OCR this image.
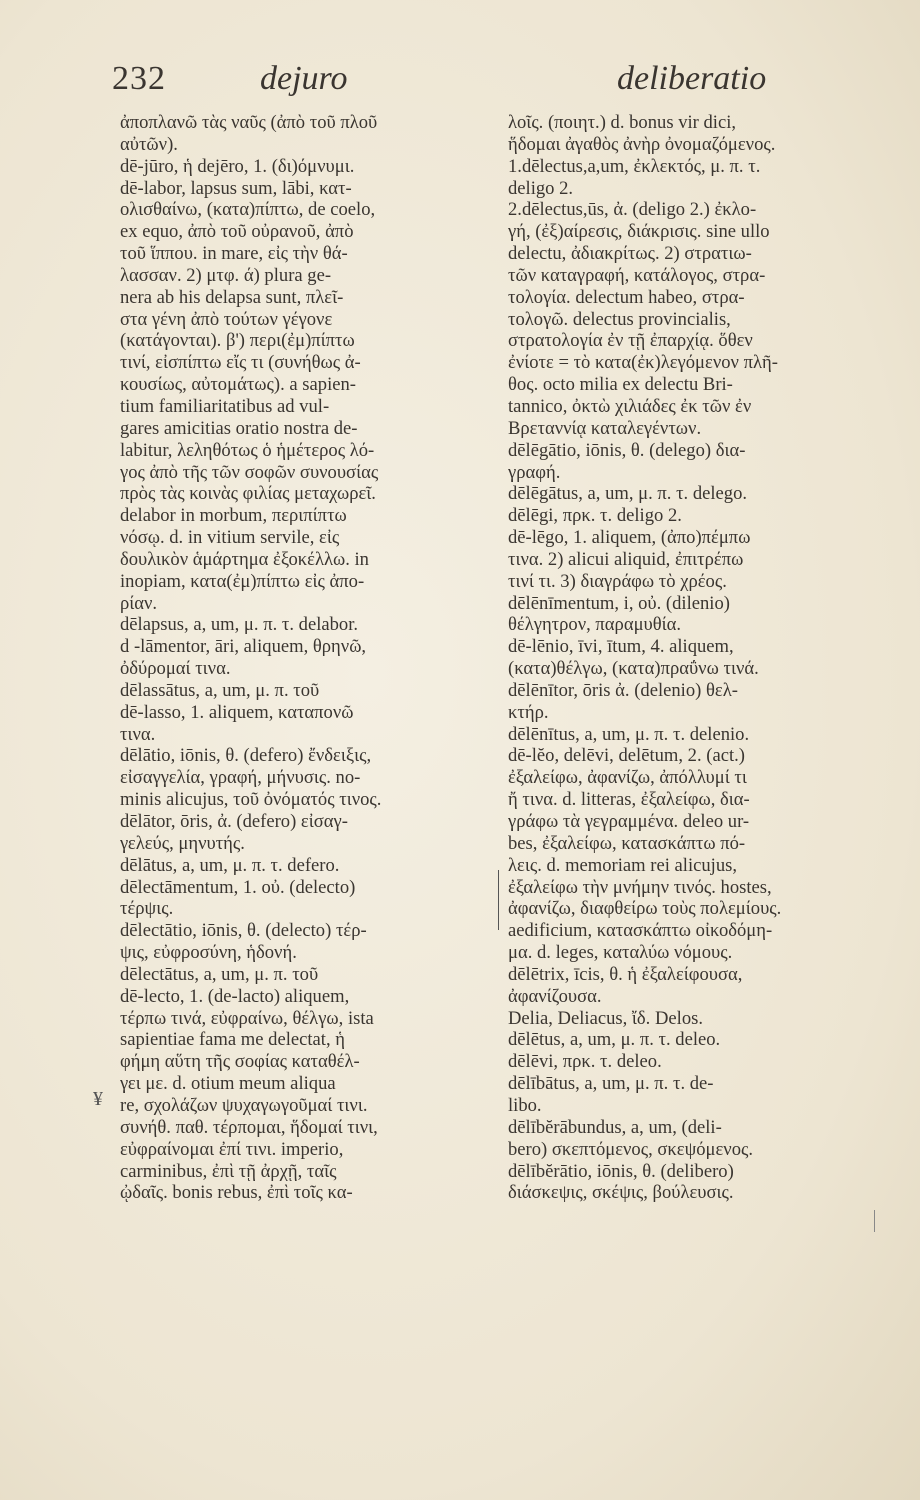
232	dejuro	deliberatio
ἀποπλανῶ τὰς ναῦς (ἀπὸ τοῦ πλοῦ
αὐτῶν).
dē-jūro, ἡ dejēro, 1. (δι)όμνυμι.
dē-labor, lapsus sum, lābi, κατ-
ολισθαίνω, (κατα)πίπτω, de coelo,
ex equo, ἀπὸ τοῦ οὐρανοῦ, ἀπὸ
τοῦ ἵππου. in mare, εἰς τὴν θά-
λασσαν. 2) μτφ. ά) plura ge-
nera ab his delapsa sunt, πλεῖ-
στα γένη ἀπὸ τούτων γέγονε
(κατάγονται). β') περι(ἐμ)πίπτω
τινί, εἰσπίπτω εἴς τι (συνήθως ἀ-
κουσίως, αὐτομάτως). a sapien-
tium familiaritatibus ad vul-
gares amicitias oratio nostra de-
labitur, λεληθότως ὁ ἡμέτερος λό-
γος ἀπὸ τῆς τῶν σοφῶν συνουσίας
πρὸς τὰς κοινὰς φιλίας μεταχωρεῖ.
delabor in morbum, περιπίπτω
νόσῳ. d. in vitium servile, εἰς
δουλικὸν ἁμάρτημα ἐξοκέλλω. in
inopiam, κατα(ἐμ)πίπτω εἰς ἀπο-
ρίαν.
dēlapsus, a, um, μ. π. τ. delabor.
d -lāmentor, āri, aliquem, θρηνῶ,
ὀδύρομαί τινα.
dēlassātus, a, um, μ. π. τοῦ
dē-lasso, 1. aliquem, καταπονῶ
τινα.
dēlātio, iōnis, θ. (defero) ἔνδειξις,
εἰσαγγελία, γραφή, μήνυσις. no-
minis alicujus, τοῦ ὀνόματός τινος.
dēlātor, ōris, ἀ. (defero) εἰσαγ-
γελεύς, μηνυτής.
dēlātus, a, um, μ. π. τ. defero.
dēlectāmentum, 1. οὐ. (delecto)
τέρψις.
dēlectātio, iōnis, θ. (delecto) τέρ-
ψις, εὐφροσύνη, ἡδονή.
dēlectātus, a, um, μ. π. τοῦ
dē-lecto, 1. (de-lacto) aliquem,
τέρπω τινά, εὐφραίνω, θέλγω, ista
sapientiae fama me delectat, ἡ
φήμη αὕτη τῆς σοφίας καταθέλ-
γει με. d. otium meum aliqua
re, σχολάζων ψυχαγωγοῦμαί τινι.
συνήθ. παθ. τέρπομαι, ἥδομαί τινι,
εὐφραίνομαι ἐπί τινι. imperio,
carminibus, ἐπὶ τῇ ἀρχῇ, ταῖς
ᾠδαῖς. bonis rebus, ἐπὶ τοῖς κα-
λοῖς. (ποιητ.) d. bonus vir dici,
ἥδομαι ἀγαθὸς ἀνὴρ ὀνομαζόμενος.
1.dēlectus,a,um, ἐκλεκτός, μ. π. τ.
deligo 2.
2.dēlectus,ūs, ἀ. (deligo 2.) ἐκλο-
γή, (ἐξ)αίρεσις, διάκρισις. sine ullo
delectu, ἀδιακρίτως. 2) στρατιω-
τῶν καταγραφή, κατάλογος, στρα-
τολογία. delectum habeo, στρα-
τολογῶ. delectus provincialis,
στρατολογία ἐν τῇ ἐπαρχίᾳ. ὅθεν
ἐνίοτε = τὸ κατα(ἐκ)λεγόμενον πλῆ-
θος. octo milia ex delectu Bri-
tannico, ὀκτὼ χιλιάδες ἐκ τῶν ἐν
Βρεταννίᾳ καταλεγέντων.
dēlēgātio, iōnis, θ. (delego) δια-
γραφή.
dēlēgātus, a, um, μ. π. τ. delego.
dēlēgi, πρκ. τ. deligo 2.
dē-lēgo, 1. aliquem, (ἀπο)πέμπω
τινα. 2) alicui aliquid, ἐπιτρέπω
τινί τι. 3) διαγράφω τὸ χρέος.
dēlēnīmentum, i, οὐ. (dilenio)
θέλγητρον, παραμυθία.
dē-lēnio, īvi, ītum, 4. aliquem,
(κατα)θέλγω, (κατα)πραΰνω τινά.
dēlēnītor, ōris ἀ. (delenio) θελ-
κτήρ.
dēlēnītus, a, um, μ. π. τ. delenio.
dē-lĕo, delēvi, delētum, 2. (act.)
ἐξαλείφω, ἀφανίζω, ἀπόλλυμί τι
ἤ τινα. d. litteras, ἐξαλείφω, δια-
γράφω τὰ γεγραμμένα. deleo ur-
bes, ἐξαλείφω, κατασκάπτω πό-
λεις. d. memoriam rei alicujus,
ἐξαλείφω τὴν μνήμην τινός. hostes,
ἀφανίζω, διαφθείρω τοὺς πολεμίους.
aedificium, κατασκάπτω οἰκοδόμη-
μα. d. leges, καταλύω νόμους.
dēlētrix, īcis, θ. ἡ ἐξαλείφουσα,
ἀφανίζουσα.
Delia, Deliacus, ἴδ. Delos.
dēlētus, a, um, μ. π. τ. deleo.
dēlēvi, πρκ. τ. deleo.
dēlībātus, a, um, μ. π. τ. de-
libo.
dēlībĕrābundus, a, um, (deli-
bero) σκεπτόμενος, σκεψόμενος.
dēlībĕrātio, iōnis, θ. (delibero)
διάσκεψις, σκέψις, βούλευσις.
¥
